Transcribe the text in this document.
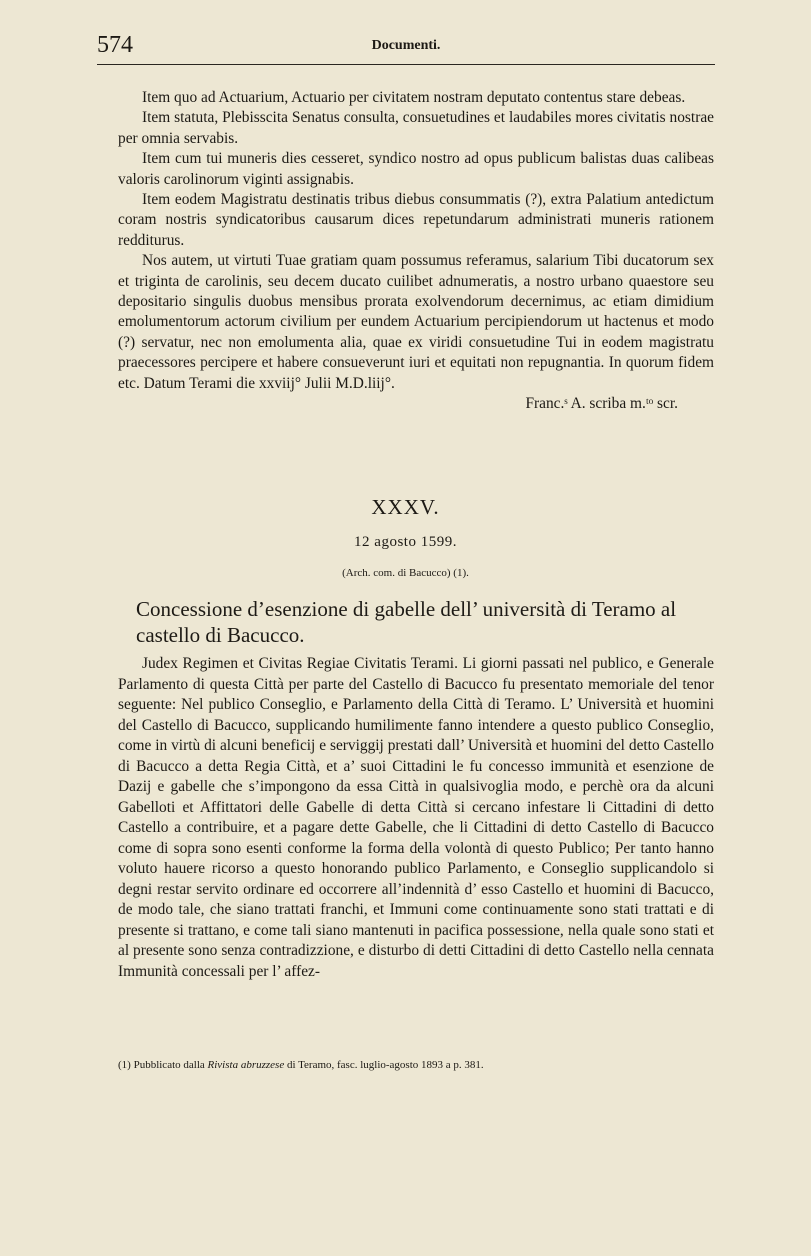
574	Documenti.

Item quo ad Actuarium, Actuario per civitatem nostram deputato contentus stare debeas.

Item statuta, Plebisscita Senatus consulta, consuetudines et laudabiles mores civitatis nostrae per omnia servabis.

Item cum tui muneris dies cesseret, syndico nostro ad opus publicum balistas duas calibeas valoris carolinorum viginti assignabis.

Item eodem Magistratu destinatis tribus diebus consummatis (?), extra Palatium antedictum coram nostris syndicatoribus causarum dices repetundarum administrati muneris rationem redditurus.

Nos autem, ut virtuti Tuae gratiam quam possumus referamus, salarium Tibi ducatorum sex et triginta de carolinis, seu decem ducato cuilibet adnumeratis, a nostro urbano quaestore seu depositario singulis duobus mensibus prorata exolvendorum decernimus, ac etiam dimidium emolumentorum actorum civilium per eundem Actuarium percipiendorum ut hactenus et modo (?) servatur, nec non emolumenta alia, quae ex viridi consuetudine Tui in eodem magistratu praecessores percipere et habere consueverunt iuri et equitati non repugnantia. In quorum fidem etc. Datum Terami die xxviij° Julii M.D.liij°.

Franc.ˢ A. scriba m.ᵗᵒ scr.

XXXV.
12 agosto 1599.
(Arch. com. di Bacucco) (1).
Concessione d’esenzione di gabelle dell’ università di Teramo al castello di Bacucco.

Judex Regimen et Civitas Regiae Civitatis Terami. Li giorni passati nel publico, e Generale Parlamento di questa Città per parte del Castello di Bacucco fu presentato memoriale del tenor seguente: Nel publico Conseglio, e Parlamento della Città di Teramo. L’ Università et huomini del Castello di Bacucco, supplicando humilimente fanno intendere a questo publico Conseglio, come in virtù di alcuni beneficij e serviggij prestati dall’ Università et huomini del detto Castello di Bacucco a detta Regia Città, et a’ suoi Cittadini le fu concesso immunità et esenzione de Dazij e gabelle che s’impongono da essa Città in qualsivoglia modo, e perchè ora da alcuni Gabelloti et Affittatori delle Gabelle di detta Città si cercano infestare li Cittadini di detto Castello a contribuire, et a pagare dette Gabelle, che li Cittadini di detto Castello di Bacucco come di sopra sono esenti conforme la forma della volontà di questo Publico; Per tanto hanno voluto hauere ricorso a questo honorando publico Parlamento, e Conseglio supplicandolo si degni restar servito ordinare ed occorrere all’indennità d’ esso Castello et huomini di Bacucco, de modo tale, che siano trattati franchi, et Immuni come continuamente sono stati trattati e di presente si trattano, e come tali siano mantenuti in pacifica possessione, nella quale sono stati et al presente sono senza contradizzione, e disturbo di detti Cittadini di detto Castello nella cennata Immunità concessali per l’ affez-

(1) Pubblicato dalla Rivista abruzzese di Teramo, fasc. luglio-agosto 1893 a p. 381.
